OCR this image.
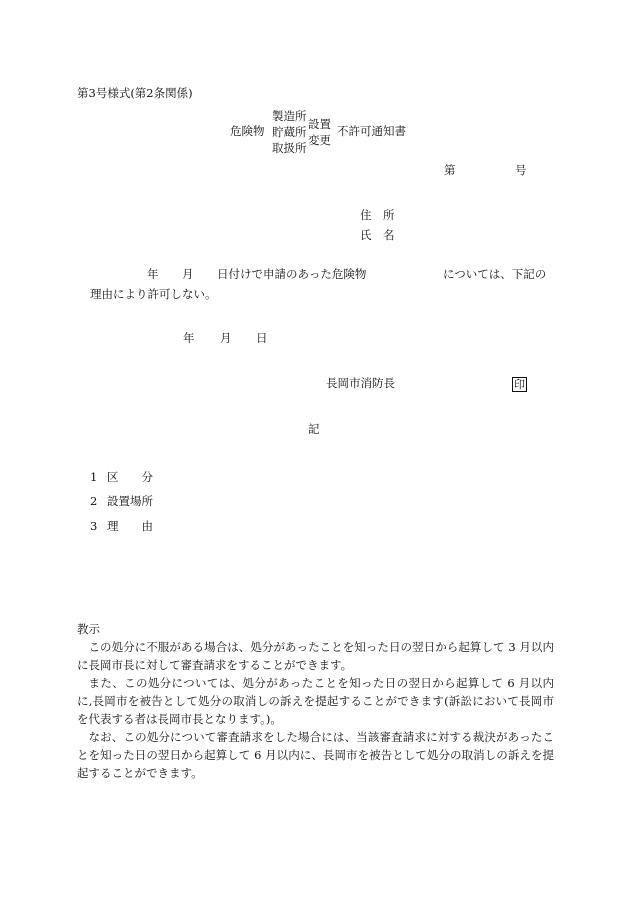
第3号様式(第2条関係)
危険物
製造所
貯蔵所
取扱所
設置
変更
不許可通知書
第	号
住　所
氏　名
年 月 日付けで申請のあった危険物	については、下記の
理由により許可しない。
年 月 日
長岡市消防長	印
記
1 区　　分
2 設置場所
3 理　　由

教示

この処分に不服がある場合は、処分があったことを知った日の翌日から起算して 3 月以内に長岡市長に対して審査請求をすることができます。

また、この処分については、処分があったことを知った日の翌日から起算して 6 月以内に,長岡市を被告として処分の取消しの訴えを提起することができます(訴訟において長岡市を代表する者は長岡市長となります。)。

なお、この処分について審査請求をした場合には、当該審査請求に対する裁決があったことを知った日の翌日から起算して 6 月以内に、長岡市を被告として処分の取消しの訴えを提起することができます。
